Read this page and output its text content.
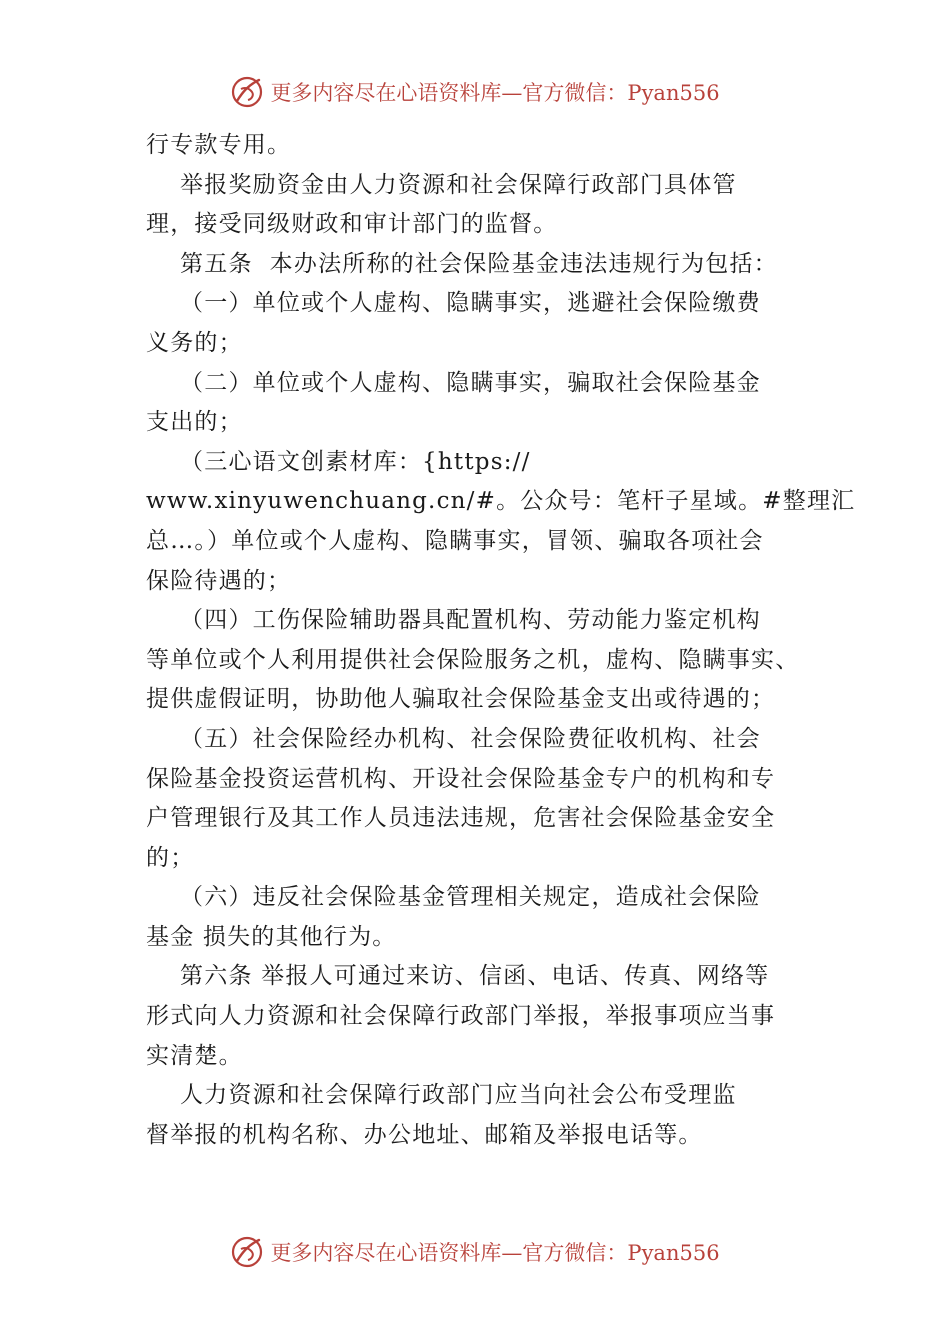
更多内容尽在心语资料库—官方微信：Pyan556

行专款专用。

举报奖励资金由人力资源和社会保障行政部门具体管

理，接受同级财政和审计部门的监督。

第五条  本办法所称的社会保险基金违法违规行为包括：

（一）单位或个人虚构、隐瞒事实，逃避社会保险缴费

义务的；

（二）单位或个人虚构、隐瞒事实，骗取社会保险基金

支出的；

（三心语文创素材库：{https://

www.xinyuwenchuang.cn/#。公众号：笔杆子星域。#整理汇

总…。）单位或个人虚构、隐瞒事实，冒领、骗取各项社会

保险待遇的；

（四）工伤保险辅助器具配置机构、劳动能力鉴定机构

等单位或个人利用提供社会保险服务之机，虚构、隐瞒事实、

提供虚假证明，协助他人骗取社会保险基金支出或待遇的；

（五）社会保险经办机构、社会保险费征收机构、社会

保险基金投资运营机构、开设社会保险基金专户的机构和专

户管理银行及其工作人员违法违规，危害社会保险基金安全

的；

（六）违反社会保险基金管理相关规定，造成社会保险

基金 损失的其他行为。

第六条 举报人可通过来访、信函、电话、传真、网络等

形式向人力资源和社会保障行政部门举报，举报事项应当事

实清楚。

人力资源和社会保障行政部门应当向社会公布受理监

督举报的机构名称、办公地址、邮箱及举报电话等。

更多内容尽在心语资料库—官方微信：Pyan556
